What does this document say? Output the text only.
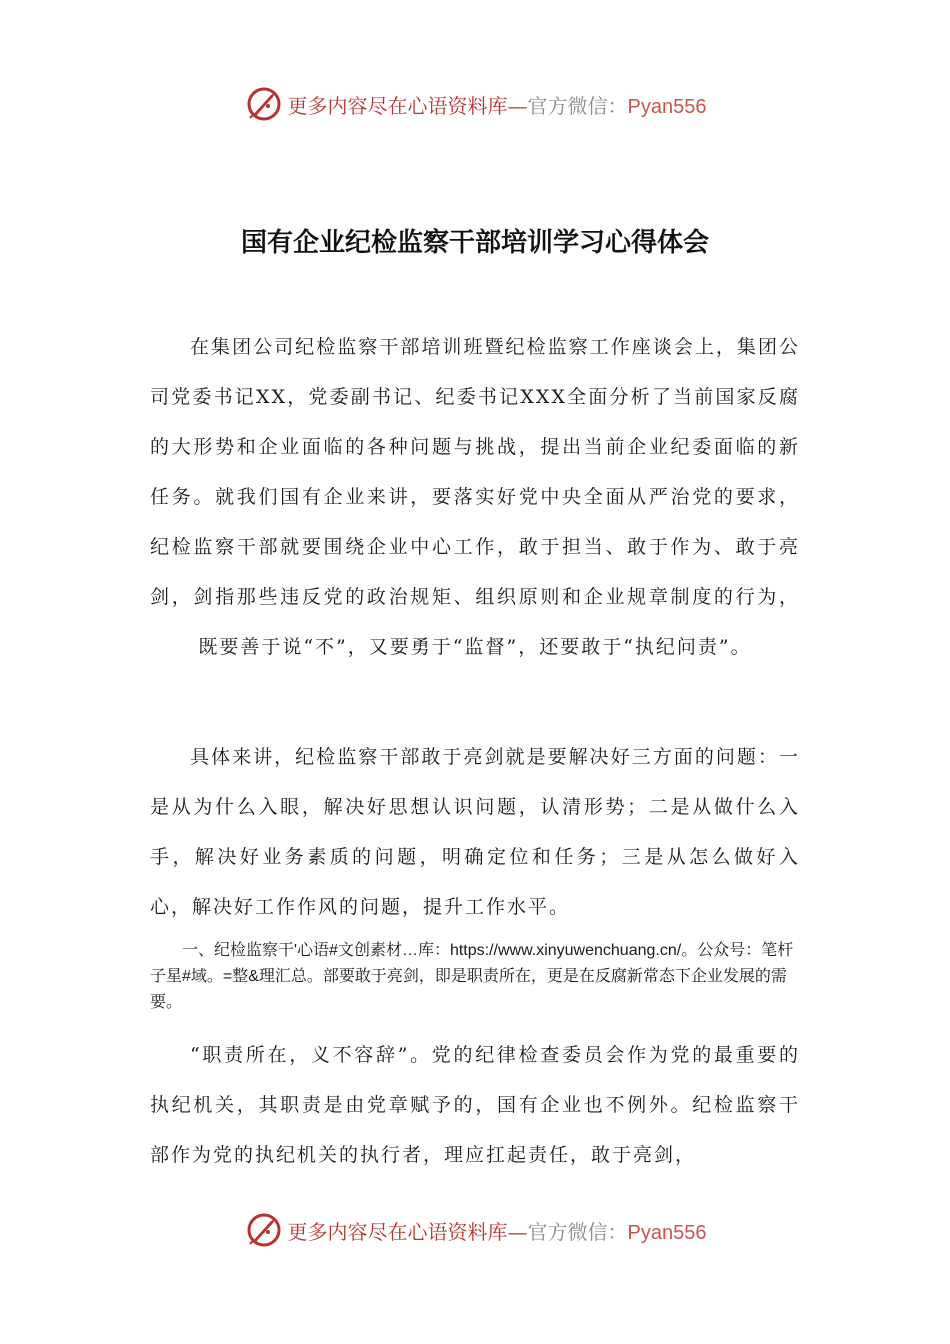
更多内容尽在心语资料库—官方微信：Pyan556
国有企业纪检监察干部培训学习心得体会
在集团公司纪检监察干部培训班暨纪检监察工作座谈会上，集团公司党委书记XX，党委副书记、纪委书记XXX全面分析了当前国家反腐的大形势和企业面临的各种问题与挑战，提出当前企业纪委面临的新任务。就我们国有企业来讲，要落实好党中央全面从严治党的要求，纪检监察干部就要围绕企业中心工作，敢于担当、敢于作为、敢于亮剑，剑指那些违反党的政治规矩、组织原则和企业规章制度的行为，既要善于说“不”，又要勇于“监督”，还要敢于“执纪问责”。
具体来讲，纪检监察干部敢于亮剑就是要解决好三方面的问题：一是从为什么入眼，解决好思想认识问题，认清形势；二是从做什么入手，解决好业务素质的问题，明确定位和任务；三是从怎么做好入心，解决好工作作风的问题，提升工作水平。
一、纪检监察干'心语#文创素材…库：https://www.xinyuwenchuang.cn/。公众号：笔杆子星#域。=整&理汇总。部要敢于亮剑，即是职责所在，更是在反腐新常态下企业发展的需要。
“职责所在，义不容辞”。党的纪律检查委员会作为党的最重要的执纪机关，其职责是由党章赋予的，国有企业也不例外。纪检监察干部作为党的执纪机关的执行者，理应扛起责任，敢于亮剑，
更多内容尽在心语资料库—官方微信：Pyan556
